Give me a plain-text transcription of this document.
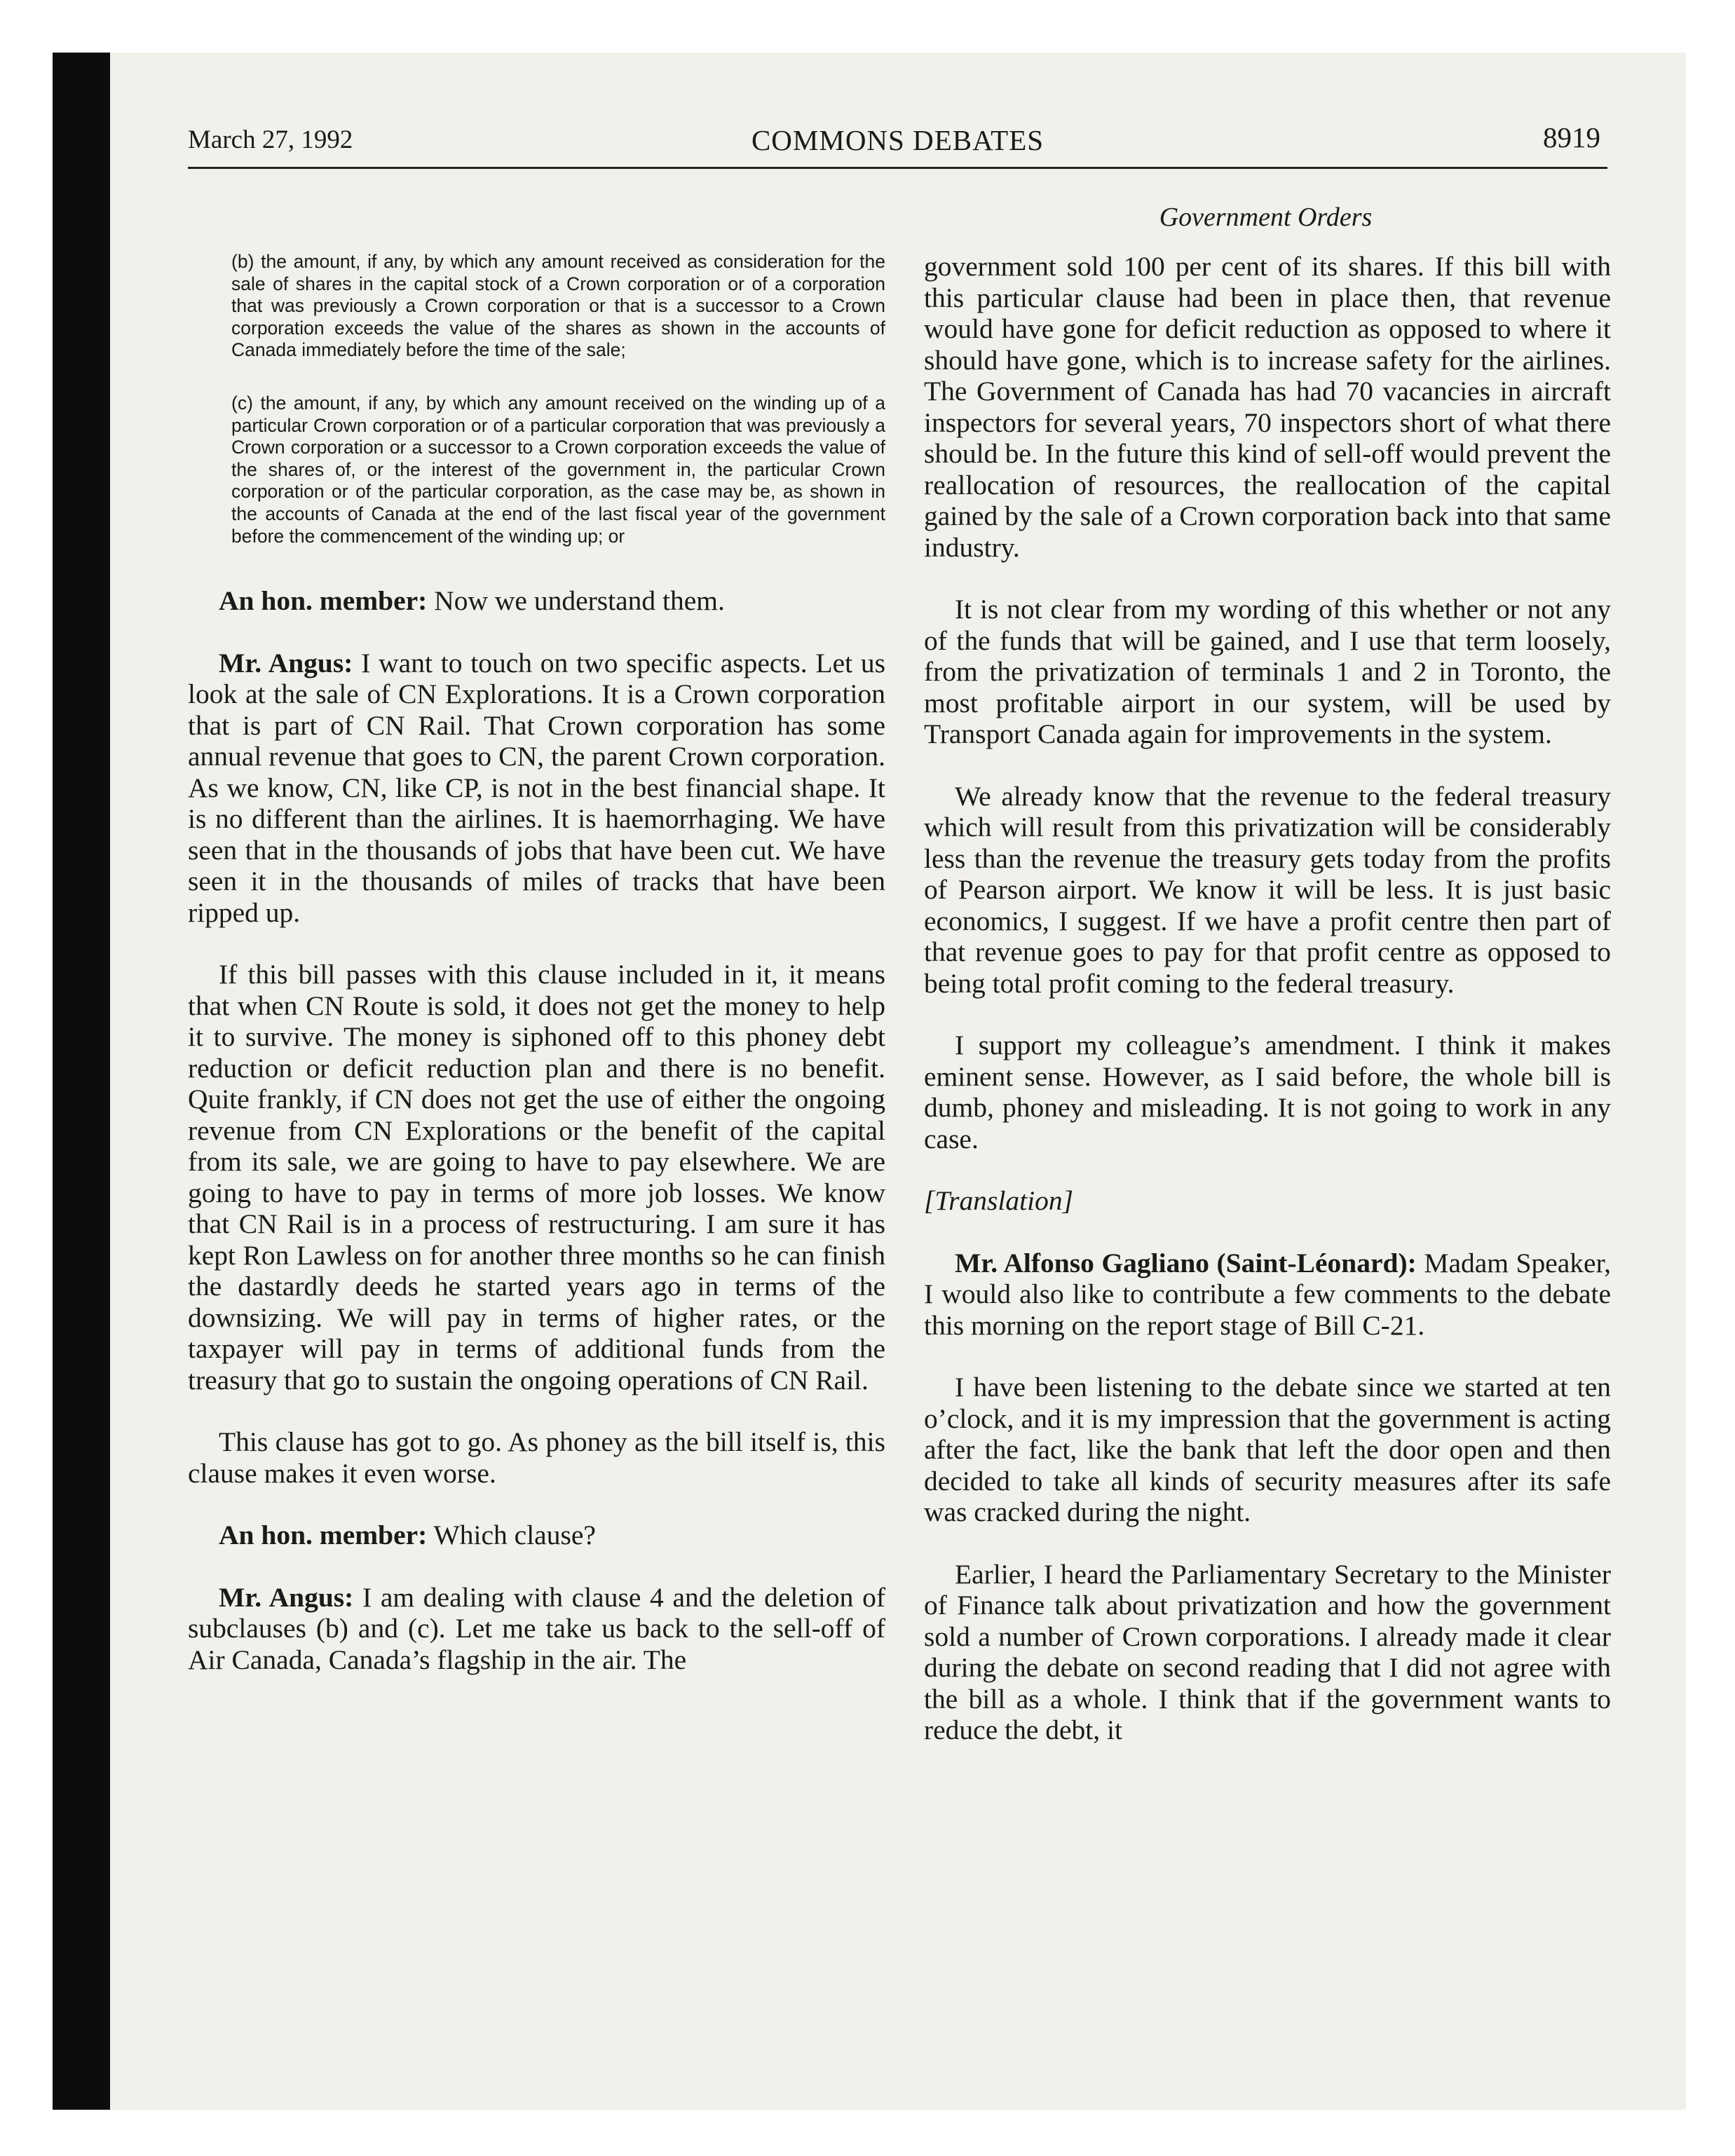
March 27, 1992	COMMONS DEBATES	8919
Government Orders

(b) the amount, if any, by which any amount received as consideration for the sale of shares in the capital stock of a Crown corporation or of a corporation that was previously a Crown corporation or that is a successor to a Crown corporation exceeds the value of the shares as shown in the accounts of Canada immediately before the time of the sale;

(c) the amount, if any, by which any amount received on the winding up of a particular Crown corporation or of a particular corporation that was previously a Crown corporation or a successor to a Crown corporation exceeds the value of the shares of, or the interest of the government in, the particular Crown corporation or of the particular corporation, as the case may be, as shown in the accounts of Canada at the end of the last fiscal year of the government before the commencement of the winding up; or

An hon. member: Now we understand them.

Mr. Angus: I want to touch on two specific aspects. Let us look at the sale of CN Explorations. It is a Crown corporation that is part of CN Rail. That Crown corporation has some annual revenue that goes to CN, the parent Crown corporation. As we know, CN, like CP, is not in the best financial shape. It is no different than the airlines. It is haemorrhaging. We have seen that in the thousands of jobs that have been cut. We have seen it in the thousands of miles of tracks that have been ripped up.

If this bill passes with this clause included in it, it means that when CN Route is sold, it does not get the money to help it to survive. The money is siphoned off to this phoney debt reduction or deficit reduction plan and there is no benefit. Quite frankly, if CN does not get the use of either the ongoing revenue from CN Explorations or the benefit of the capital from its sale, we are going to have to pay elsewhere. We are going to have to pay in terms of more job losses. We know that CN Rail is in a process of restructuring. I am sure it has kept Ron Lawless on for another three months so he can finish the dastardly deeds he started years ago in terms of the downsizing. We will pay in terms of higher rates, or the taxpayer will pay in terms of additional funds from the treasury that go to sustain the ongoing operations of CN Rail.

This clause has got to go. As phoney as the bill itself is, this clause makes it even worse.

An hon. member: Which clause?

Mr. Angus: I am dealing with clause 4 and the deletion of subclauses (b) and (c). Let me take us back to the sell-off of Air Canada, Canada’s flagship in the air. The

government sold 100 per cent of its shares. If this bill with this particular clause had been in place then, that revenue would have gone for deficit reduction as opposed to where it should have gone, which is to increase safety for the airlines. The Government of Canada has had 70 vacancies in aircraft inspectors for several years, 70 inspectors short of what there should be. In the future this kind of sell-off would prevent the reallocation of resources, the reallocation of the capital gained by the sale of a Crown corporation back into that same industry.

It is not clear from my wording of this whether or not any of the funds that will be gained, and I use that term loosely, from the privatization of terminals 1 and 2 in Toronto, the most profitable airport in our system, will be used by Transport Canada again for improvements in the system.

We already know that the revenue to the federal treasury which will result from this privatization will be considerably less than the revenue the treasury gets today from the profits of Pearson airport. We know it will be less. It is just basic economics, I suggest. If we have a profit centre then part of that revenue goes to pay for that profit centre as opposed to being total profit coming to the federal treasury.

I support my colleague’s amendment. I think it makes eminent sense. However, as I said before, the whole bill is dumb, phoney and misleading. It is not going to work in any case.

[Translation]

Mr. Alfonso Gagliano (Saint-Léonard): Madam Speaker, I would also like to contribute a few comments to the debate this morning on the report stage of Bill C-21.

I have been listening to the debate since we started at ten o’clock, and it is my impression that the government is acting after the fact, like the bank that left the door open and then decided to take all kinds of security measures after its safe was cracked during the night.

Earlier, I heard the Parliamentary Secretary to the Minister of Finance talk about privatization and how the government sold a number of Crown corporations. I already made it clear during the debate on second reading that I did not agree with the bill as a whole. I think that if the government wants to reduce the debt, it
